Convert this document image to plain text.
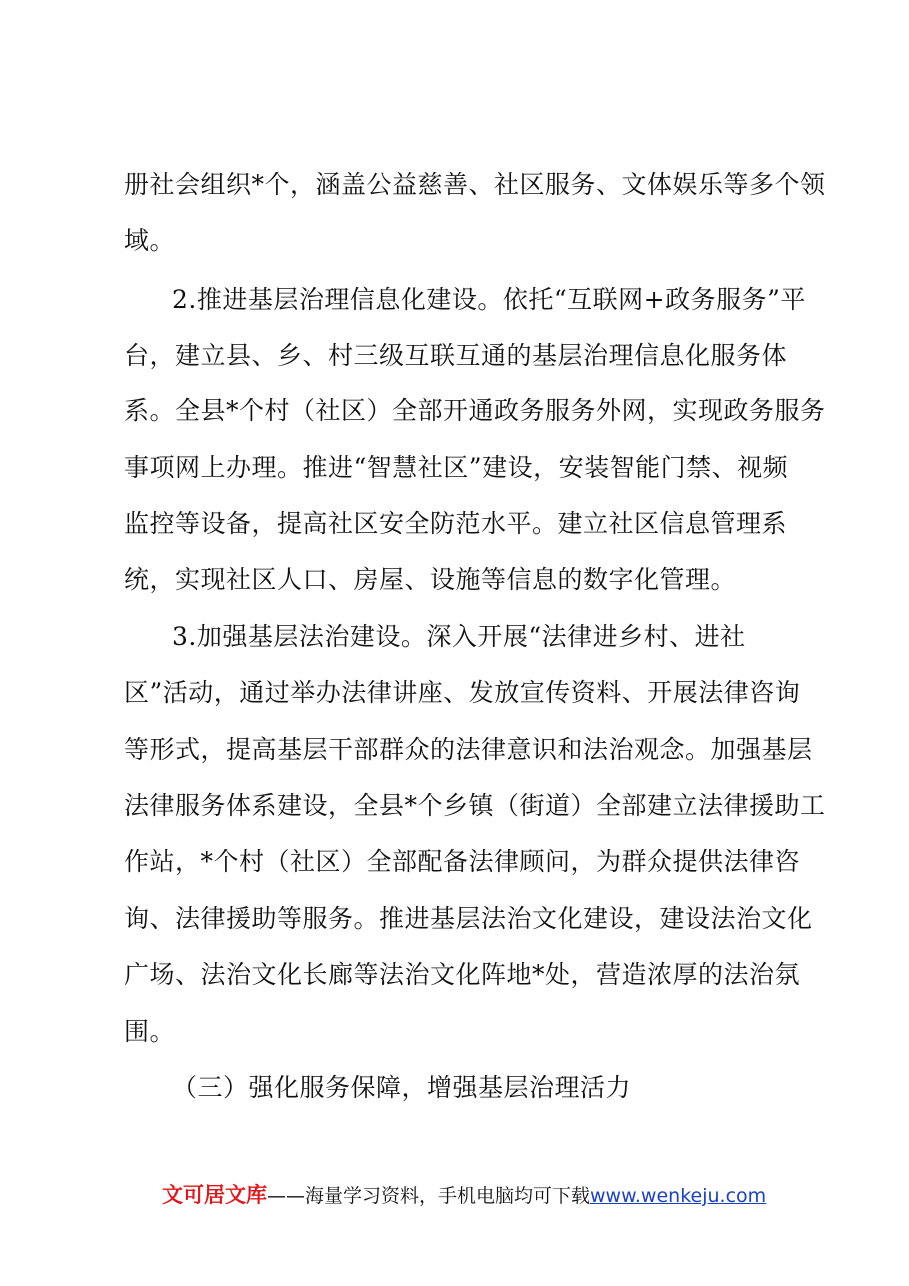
册社会组织*个，涵盖公益慈善、社区服务、文体娱乐等多个领
域。
2.推进基层治理信息化建设。依托“互联网+政务服务”平
台，建立县、乡、村三级互联互通的基层治理信息化服务体
系。全县*个村（社区）全部开通政务服务外网，实现政务服务
事项网上办理。推进“智慧社区”建设，安装智能门禁、视频
监控等设备，提高社区安全防范水平。建立社区信息管理系
统，实现社区人口、房屋、设施等信息的数字化管理。
3.加强基层法治建设。深入开展“法律进乡村、进社
区”活动，通过举办法律讲座、发放宣传资料、开展法律咨询
等形式，提高基层干部群众的法律意识和法治观念。加强基层
法律服务体系建设，全县*个乡镇（街道）全部建立法律援助工
作站，*个村（社区）全部配备法律顾问，为群众提供法律咨
询、法律援助等服务。推进基层法治文化建设，建设法治文化
广场、法治文化长廊等法治文化阵地*处，营造浓厚的法治氛
围。
（三）强化服务保障，增强基层治理活力
文可居文库——海量学习资料，手机电脑均可下载www.wenkeju.com
